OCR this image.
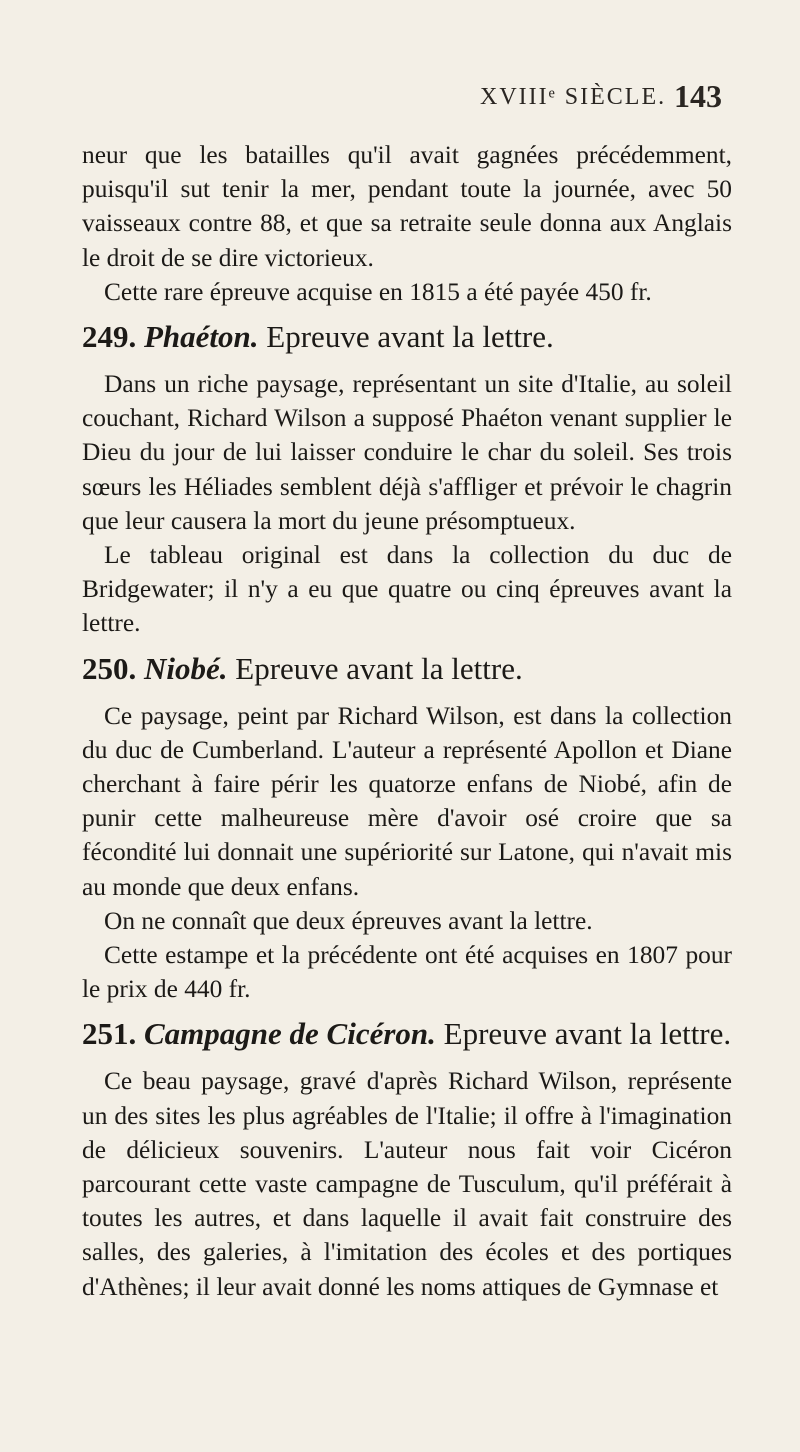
XVIIIᵉ SIÈCLE. 143

neur que les batailles qu'il avait gagnées précédemment, puisqu'il sut tenir la mer, pendant toute la journée, avec 50 vaisseaux contre 88, et que sa retraite seule donna aux Anglais le droit de se dire victorieux.

Cette rare épreuve acquise en 1815 a été payée 450 fr.

249. Phaéton. Epreuve avant la lettre.

Dans un riche paysage, représentant un site d'Italie, au soleil couchant, Richard Wilson a supposé Phaéton venant supplier le Dieu du jour de lui laisser conduire le char du soleil. Ses trois sœurs les Héliades semblent déjà s'affliger et prévoir le chagrin que leur causera la mort du jeune présomptueux.

Le tableau original est dans la collection du duc de Bridgewater; il n'y a eu que quatre ou cinq épreuves avant la lettre.

250. Niobé. Epreuve avant la lettre.

Ce paysage, peint par Richard Wilson, est dans la collection du duc de Cumberland. L'auteur a représenté Apollon et Diane cherchant à faire périr les quatorze enfans de Niobé, afin de punir cette malheureuse mère d'avoir osé croire que sa fécondité lui donnait une supériorité sur Latone, qui n'avait mis au monde que deux enfans.

On ne connaît que deux épreuves avant la lettre.

Cette estampe et la précédente ont été acquises en 1807 pour le prix de 440 fr.

251. Campagne de Cicéron. Epreuve avant la lettre.

Ce beau paysage, gravé d'après Richard Wilson, représente un des sites les plus agréables de l'Italie; il offre à l'imagination de délicieux souvenirs. L'auteur nous fait voir Cicéron parcourant cette vaste campagne de Tusculum, qu'il préférait à toutes les autres, et dans laquelle il avait fait construire des salles, des galeries, à l'imitation des écoles et des portiques d'Athènes; il leur avait donné les noms attiques de Gymnase et
